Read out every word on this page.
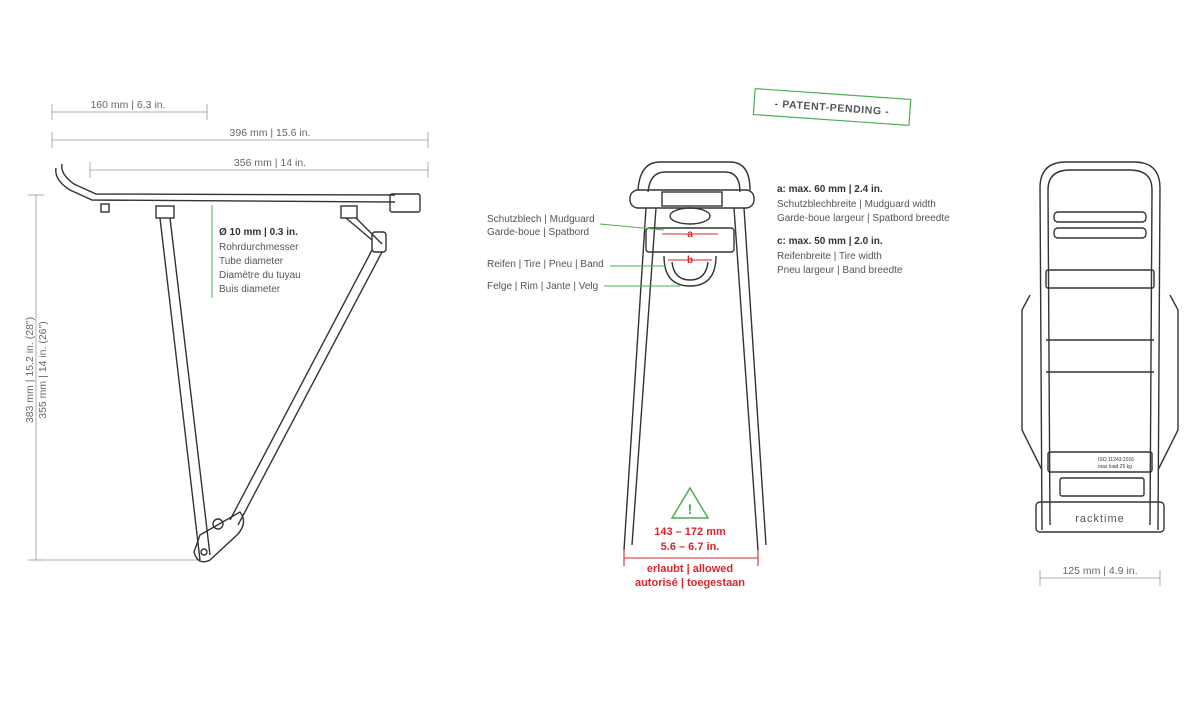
160 mm | 6.3 in.
396 mm | 15.6 in.
356 mm | 14 in.
383 mm | 15.2 in. (28") 355 mm | 14 in. (26")
Ø 10 mm | 0.3 in.
Rohrdurchmesser
Tube diameter
Diamètre du tuyau
Buis diameter
- PATENT-PENDING -
a
b
Schutzblech | Mudguard
Garde-boue | Spatbord
Reifen | Tire | Pneu | Band
Felge | Rim | Jante | Velg
a: max. 60 mm | 2.4 in.
Schutzblechbreite | Mudguard width
Garde-boue largeur | Spatbord breedte
c: max. 50 mm | 2.0 in.
Reifenbreite | Tire width
Pneu largeur | Band breedte
!
143 – 172 mm
5.6 – 6.7 in.
erlaubt | allowed
autorisé | toegestaan
ISO 11243:2016
max load 25 kg
racktime
125 mm | 4.9 in.
